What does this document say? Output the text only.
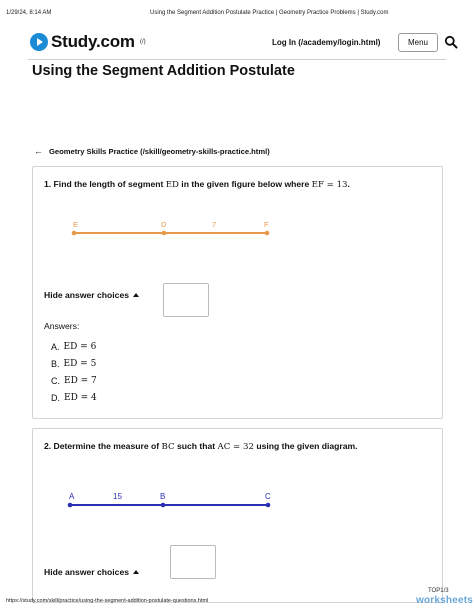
1/29/24, 8:14 AM	Using the Segment Addition Postulate Practice | Geometry Practice Problems | Study.com
Study.com (/)	Log In (/academy/login.html)	Menu
Using the Segment Addition Postulate
← Geometry Skills Practice (/skill/geometry-skills-practice.html)
1. Find the length of segment ED in the given figure below where EF = 13.
E	D	7	F
Hide answer choices
Answers:
A. ED = 6
B. ED = 5
C. ED = 7
D. ED = 4
2. Determine the measure of BC such that AC = 32 using the given diagram.
A	15	B	C
Hide answer choices
https://study.com/skill/practice/using-the-segment-addition-postulate-questions.html
TOP1/3
worksheets
